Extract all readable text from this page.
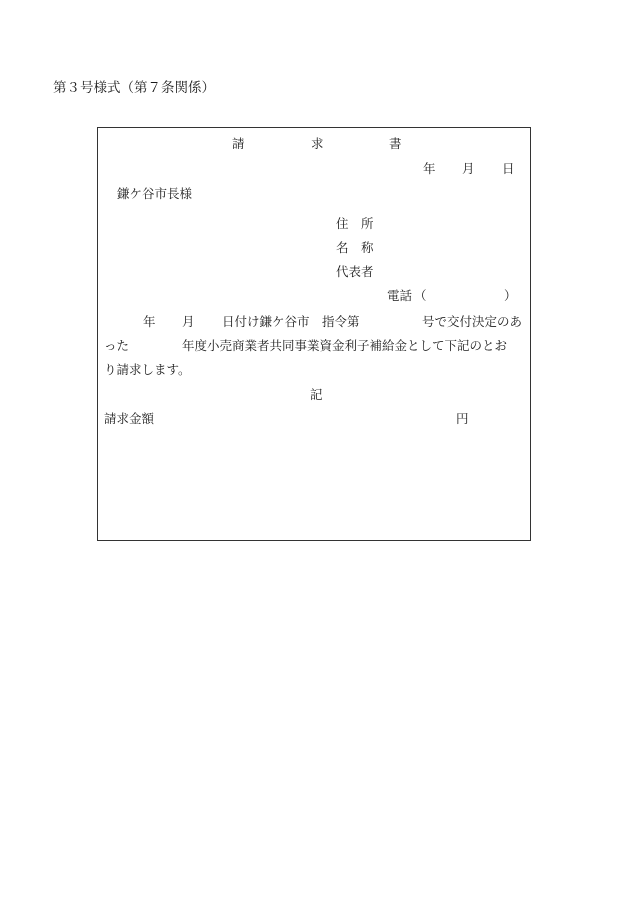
第３号様式（第７条関係）
請	求	書
年 月 日
鎌ケ谷市長様
住　所
名　称
代表者
電話 （	）
年 月 日付け鎌ケ谷市　指令第	号で交付決定のあ
った	年度小売商業者共同事業資金利子補給金として下記のとお
り請求します。
記
請求金額	円
